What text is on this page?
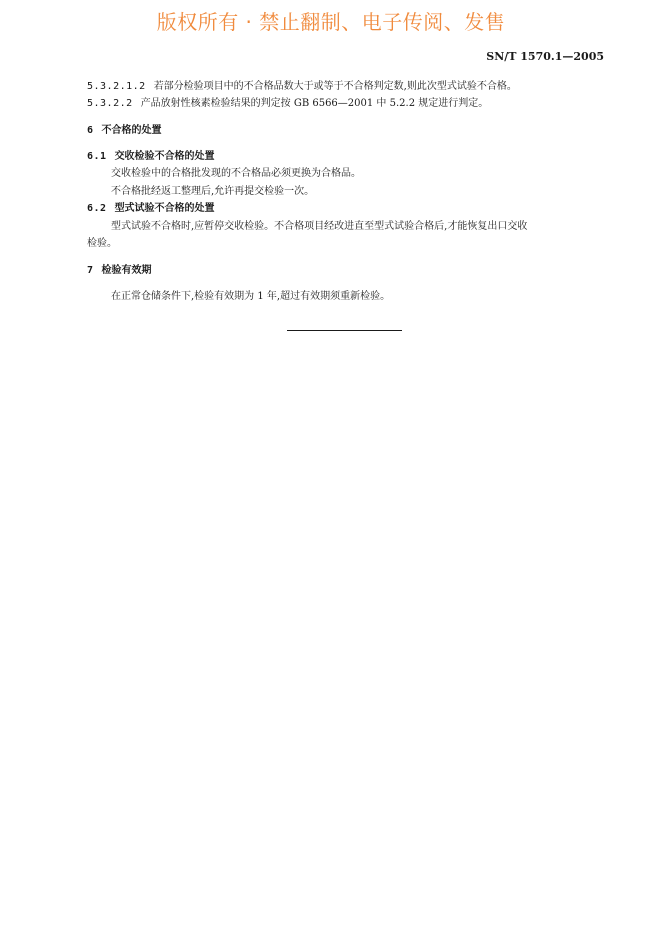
版权所有 · 禁止翻制、电子传阅、发售
SN/T 1570.1—2005
5.3.2.1.2 若部分检验项目中的不合格品数大于或等于不合格判定数,则此次型式试验不合格。
5.3.2.2 产品放射性核素检验结果的判定按 GB 6566—2001 中 5.2.2 规定进行判定。
6 不合格的处置
6.1 交收检验不合格的处置
交收检验中的合格批发现的不合格品必须更换为合格品。
不合格批经返工整理后,允许再提交检验一次。
6.2 型式试验不合格的处置
型式试验不合格时,应暂停交收检验。不合格项目经改进直至型式试验合格后,才能恢复出口交收
检验。
7 检验有效期
在正常仓储条件下,检验有效期为 1 年,超过有效期须重新检验。
